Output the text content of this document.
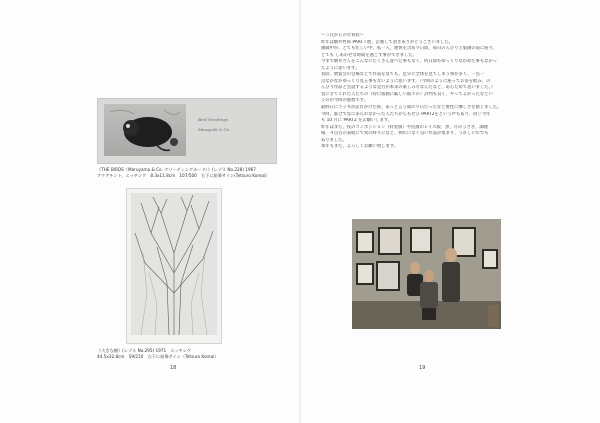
Bird Greetings
Masayuki & Co.
《THE BIRDS（Maruyama & Co. グリーティングカード）》(レゾネ No.228) 1967
アクアチント、エッチング　8.3x11.8cm　107/500　右下に鉛筆サイン(Tetsuro Komai)
《大きな樹》(レゾネ No.295) 1971　エッチング
44.5x32.8cm　59/210　右下に鉛筆サイン（Tetsuro Komai）
18

～５氏からの年賀状～

昨年は駒井哲郎 PART I 展、企画して頂きありがとうございました。

画廊中が、とても忙しい中、私一人、連休を含め９日間、毎日のんびりと版画の前に座り、

とても しあわせな時間を過ごす事ができました。

今まで駒井さんをこんなにたくさん並べた事もなく、何日間もゆっくりながめた事もなかっ

たように思います。

普段、展覧会の会場などで作品を見ても、足早に全体を見てしまう事が多く、一点一

点なかなかゆっくり見る事もないように思います。（今回のように座ってお茶を飲み、の

んびり作品と会話するような見方が本来の楽しみ方なんだなと、あらためて思いました。）

見にきてくれた人たちの（特に版画に厳しい面々の）評判も良く、やってよかったなとい

うのが今回の感想です。

最終日にラッキが訪れかけた時、あっと言う間の９日だったなと無性に淋しさを感じました。

今回、都合で見に来られなかった人たちからもぜひ PART2をという声もあり、同じ今年

も 10 月に PART2 をお願いします。

昨年はまた、夜のコンポジション（特装版）や尻散のレイス版、黒、月のうさぎ、調理

場、４点目の表紙にて愛の終りになど、例年になく良い作品が集まり、うれしい年でも

ありました。

本年もまた、よろしくお願い致します。

19
